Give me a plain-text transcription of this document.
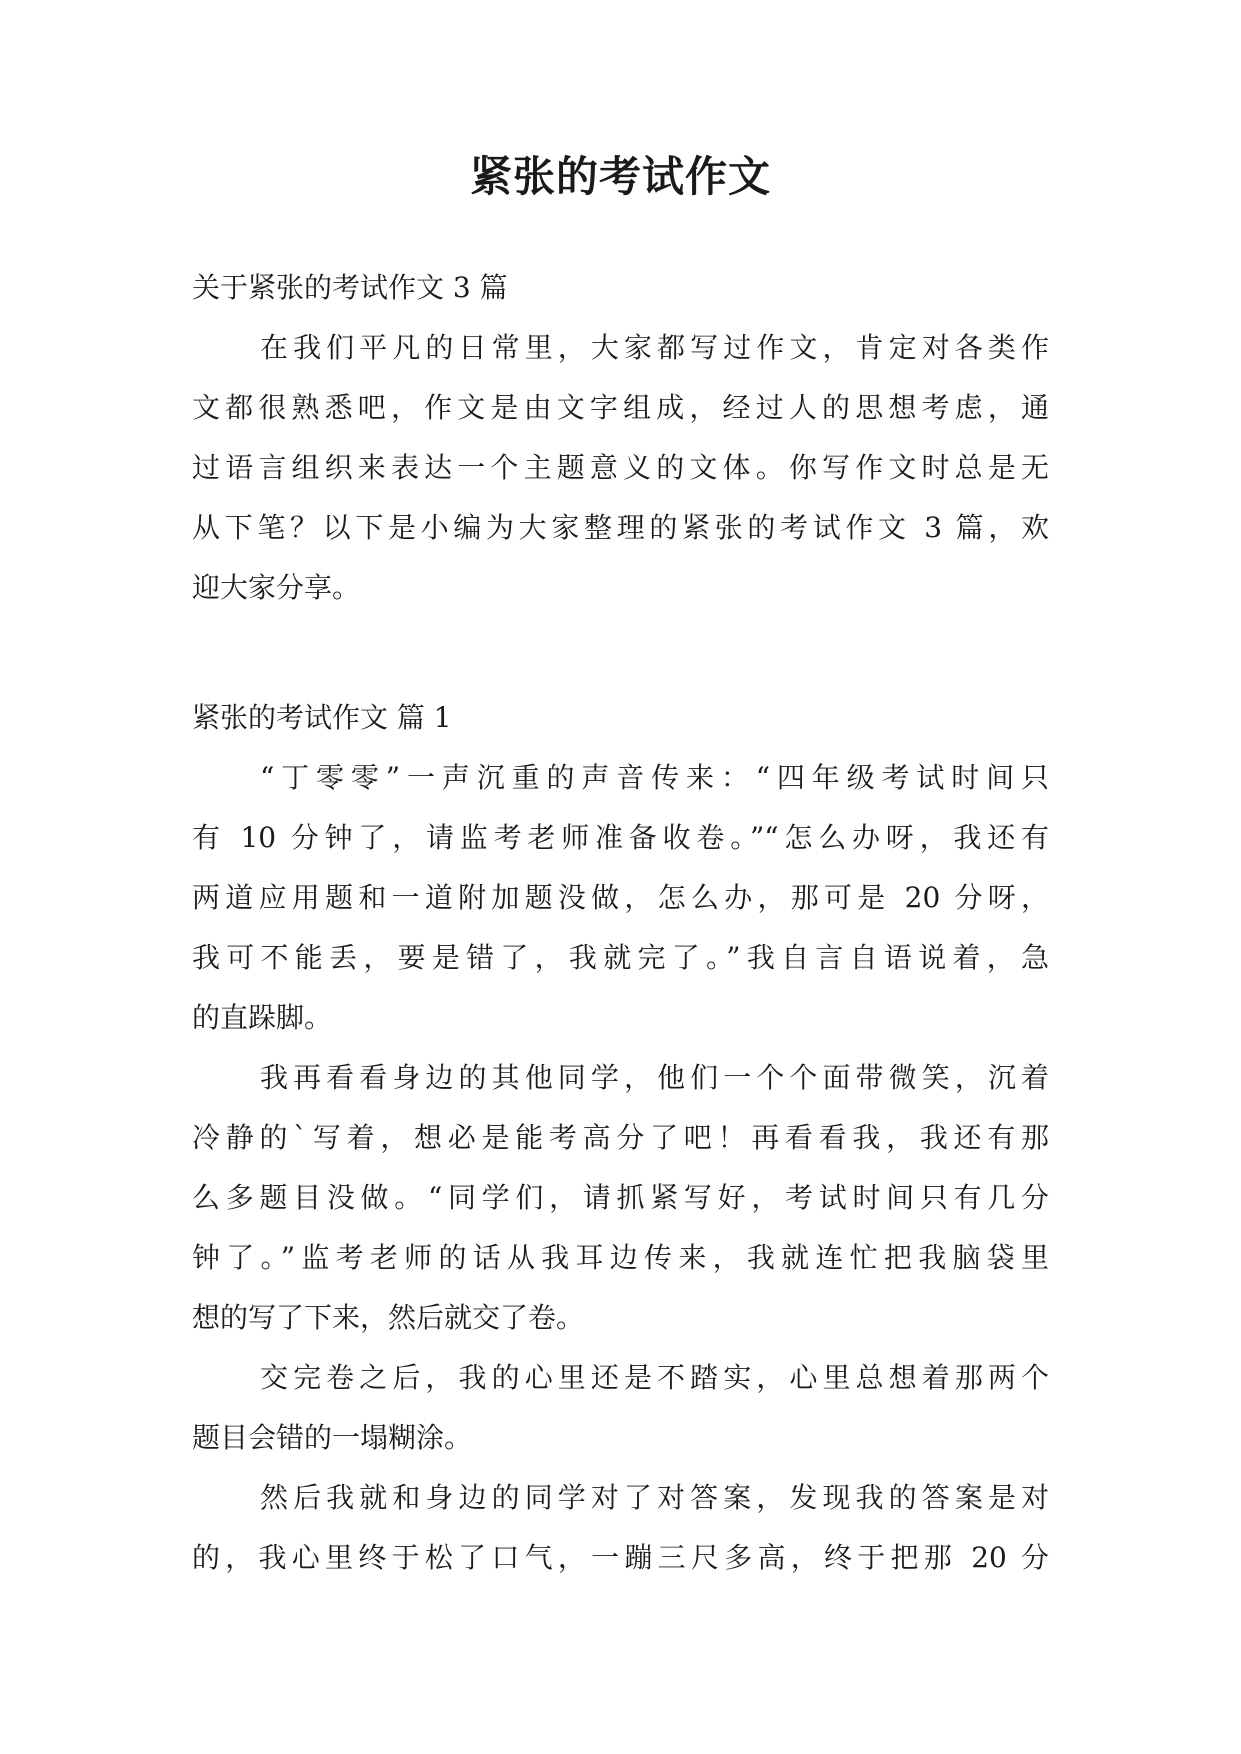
紧张的考试作文

关于紧张的考试作文 3 篇

在我们平凡的日常里，大家都写过作文，肯定对各类作
文都很熟悉吧，作文是由文字组成，经过人的思想考虑，通
过语言组织来表达一个主题意义的文体。你写作文时总是无
从下笔？以下是小编为大家整理的紧张的考试作文 3 篇，欢
迎大家分享。

紧张的考试作文 篇 1

“丁零零”一声沉重的声音传来：“四年级考试时间只
有 10 分钟了，请监考老师准备收卷。”“怎么办呀，我还有
两道应用题和一道附加题没做，怎么办，那可是 20 分呀，
我可不能丢，要是错了，我就完了。”我自言自语说着，急
的直跺脚。
我再看看身边的其他同学，他们一个个面带微笑，沉着
冷静的`写着，想必是能考高分了吧！再看看我，我还有那
么多题目没做。“同学们，请抓紧写好，考试时间只有几分
钟了。”监考老师的话从我耳边传来，我就连忙把我脑袋里
想的写了下来，然后就交了卷。
交完卷之后，我的心里还是不踏实，心里总想着那两个
题目会错的一塌糊涂。
然后我就和身边的同学对了对答案，发现我的答案是对
的，我心里终于松了口气，一蹦三尺多高，终于把那 20 分
